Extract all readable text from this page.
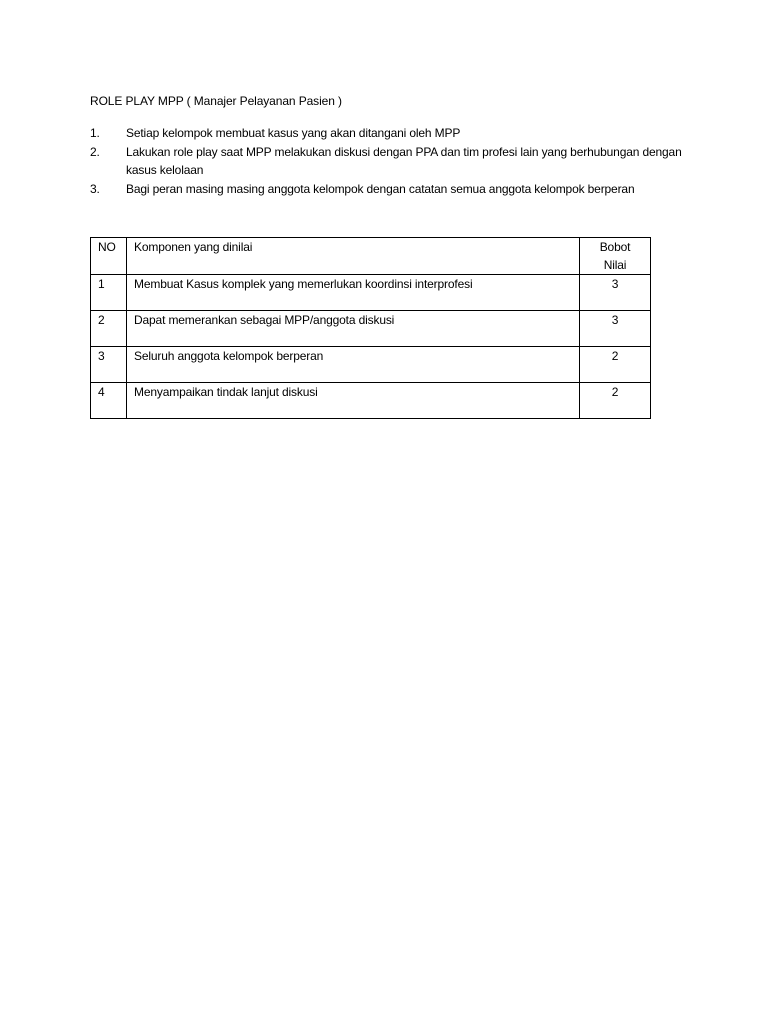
ROLE PLAY MPP ( Manajer Pelayanan Pasien )
1.	Setiap kelompok membuat kasus yang akan ditangani oleh MPP
2.	Lakukan role play saat MPP melakukan diskusi dengan PPA dan tim profesi lain yang berhubungan dengan kasus kelolaan
3.	Bagi peran masing masing anggota kelompok dengan catatan semua anggota kelompok berperan
NO	Komponen yang dinilai	Bobot
Nilai

1	Membuat Kasus komplek yang memerlukan koordinsi interprofesi	3
2	Dapat memerankan sebagai MPP/anggota diskusi	3
3	Seluruh anggota kelompok berperan	2
4	Menyampaikan tindak lanjut diskusi	2
